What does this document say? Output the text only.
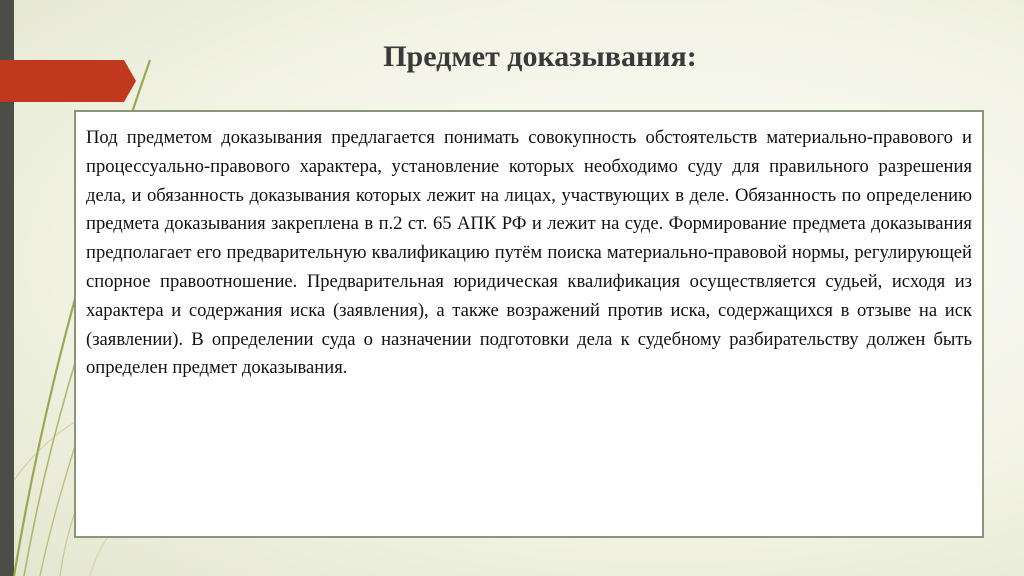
Предмет доказывания:

Под предметом доказывания предлагается понимать совокупность обстоятельств материально-правового и процессуально-правового характера, установление которых необходимо суду для правильного разрешения дела, и обязанность доказывания которых лежит на лицах, участвующих в деле. Обязанность по определению предмета доказывания закреплена в п.2 ст. 65 АПК РФ и лежит на суде. Формирование предмета доказывания предполагает его предварительную квалификацию путём поиска материально-правовой нормы, регулирующей спорное правоотношение. Предварительная юридическая квалификация осуществляется судьей, исходя из характера и содержания иска (заявления), а также возражений против иска, содержащихся в отзыве на иск (заявлении). В определении суда о назначении подготовки дела к судебному разбирательству должен быть определен предмет доказывания.
